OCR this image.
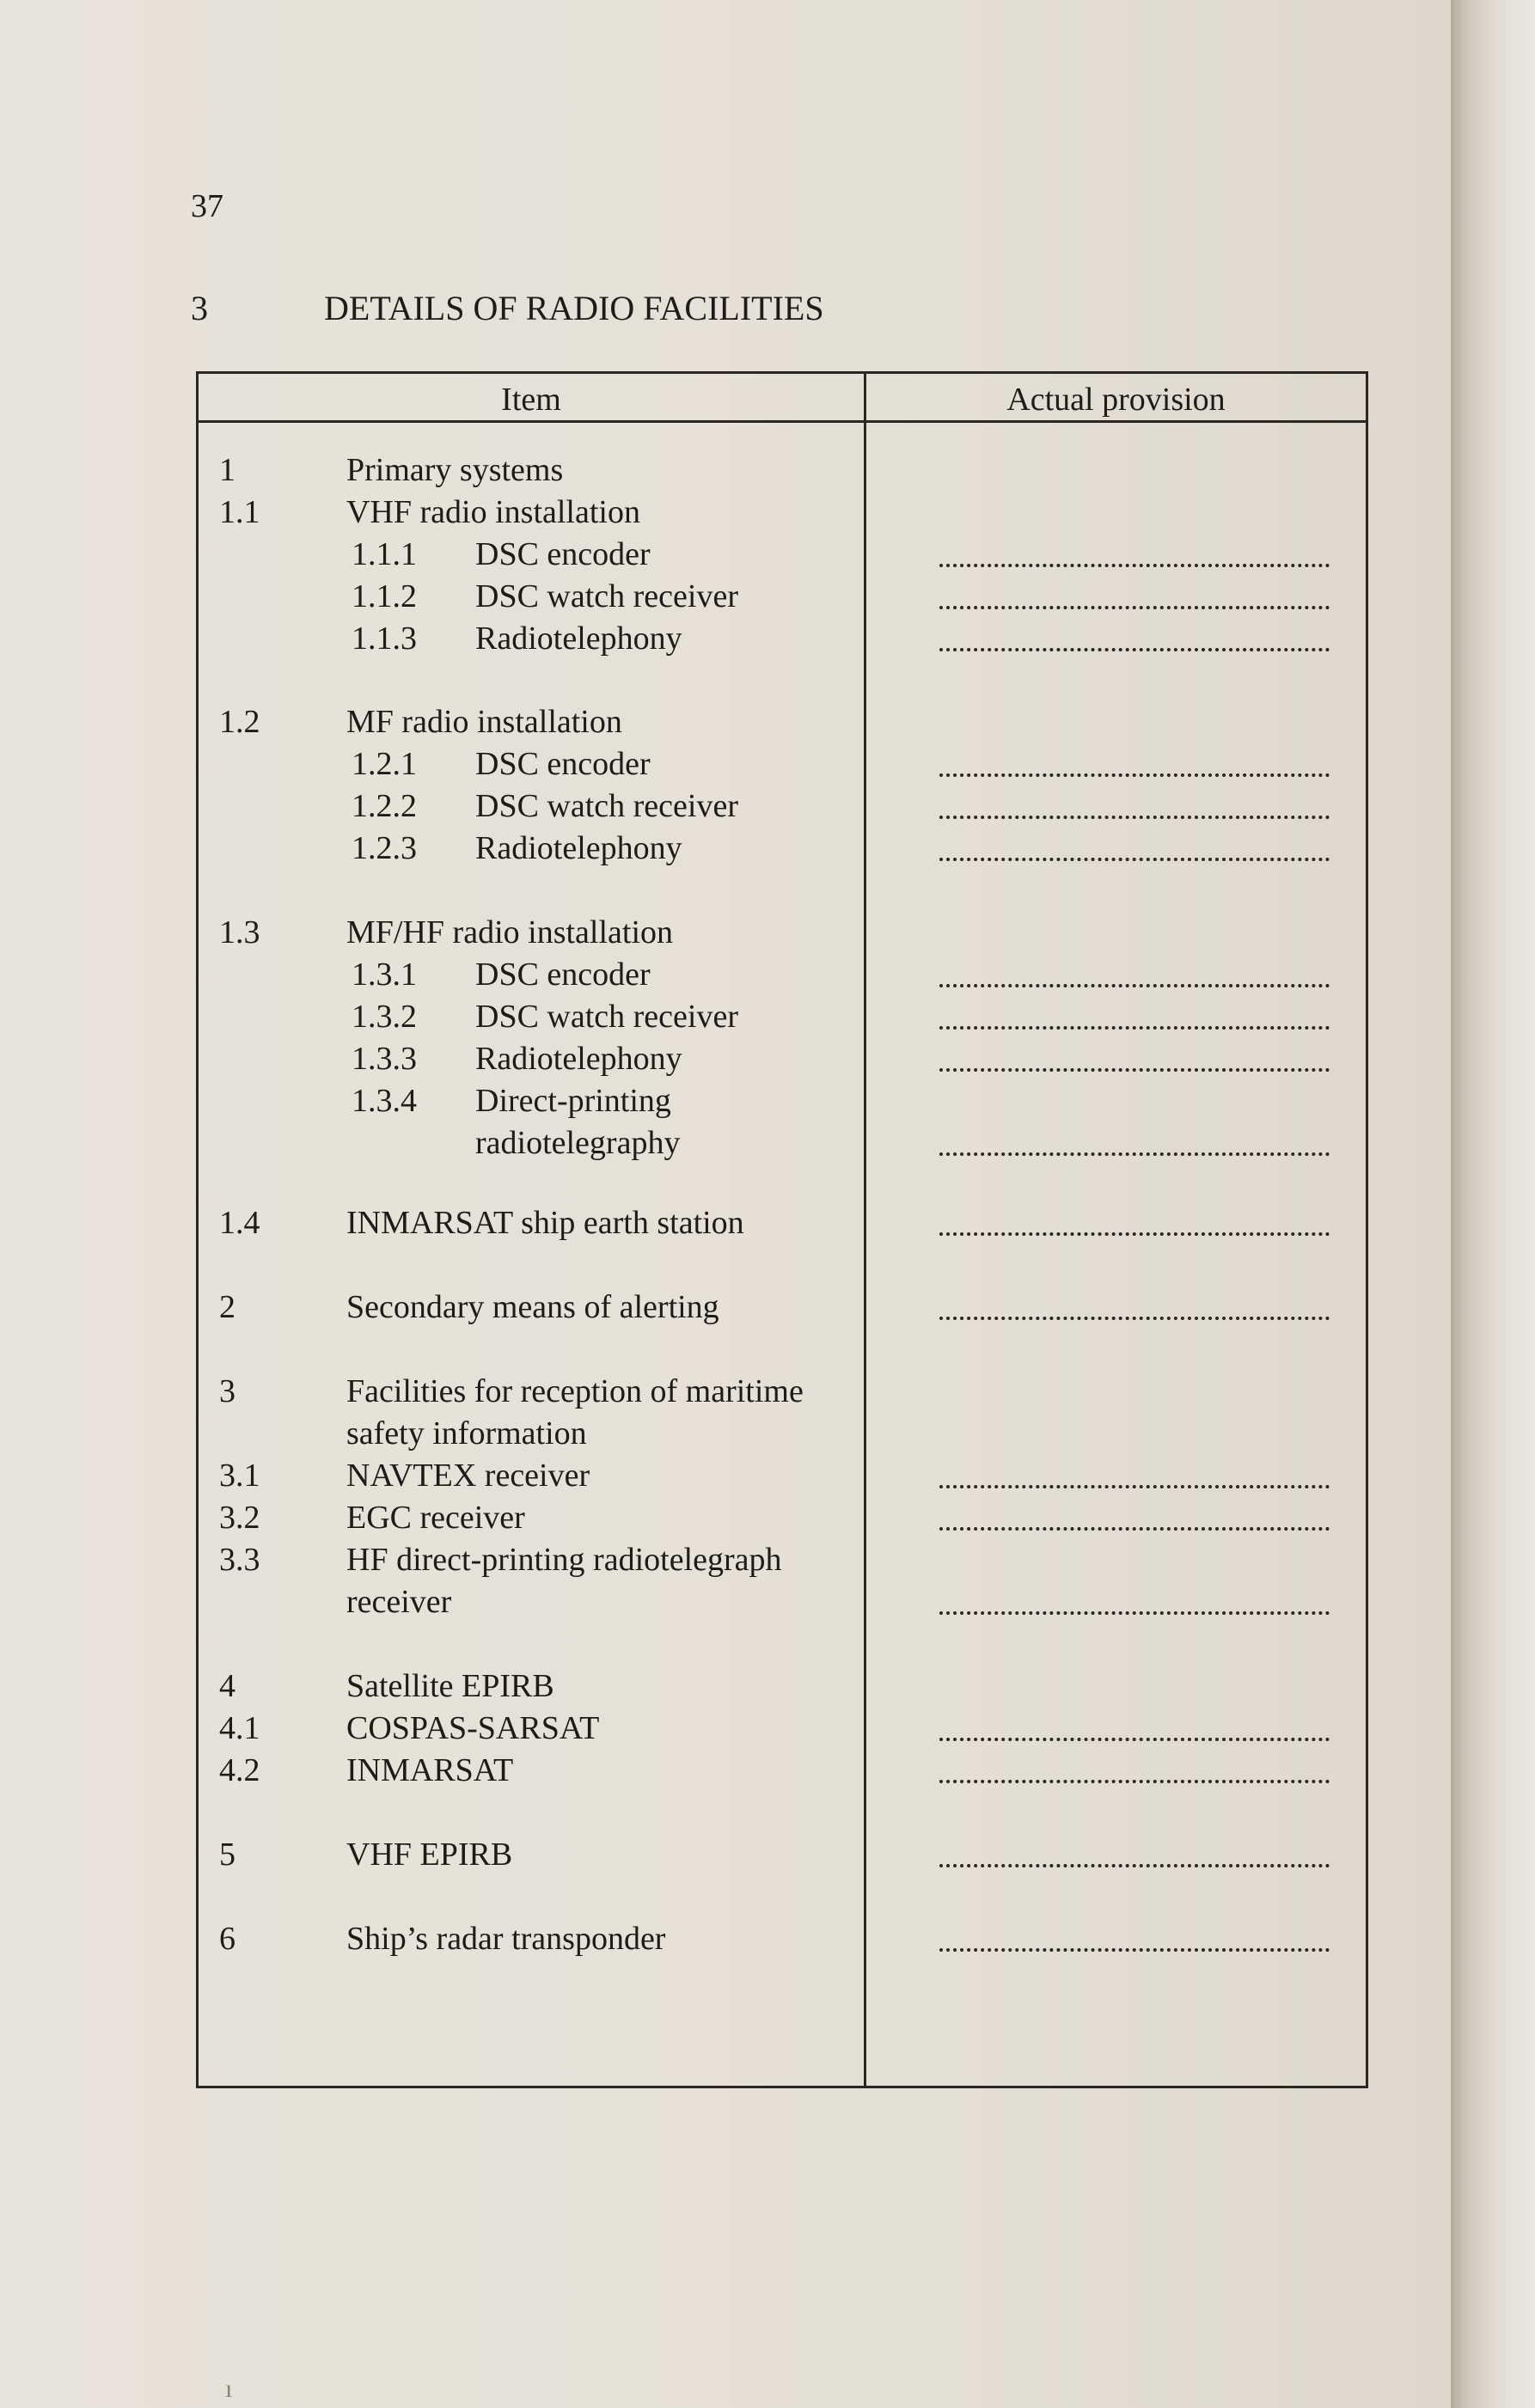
37
3	DETAILS OF RADIO FACILITIES
Item	Actual provision
1	Primary systems
1.1	VHF radio installation
1.1.1 DSC encoder
1.1.2 DSC watch receiver
1.1.3 Radiotelephony
1.2	MF radio installation
1.2.1 DSC encoder
1.2.2 DSC watch receiver
1.2.3 Radiotelephony
1.3	MF/HF radio installation
1.3.1 DSC encoder
1.3.2 DSC watch receiver
1.3.3 Radiotelephony
1.3.4 Direct-printing radiotelegraphy
1.4	INMARSAT ship earth station
2	Secondary means of alerting
3	Facilities for reception of maritime safety information
3.1	NAVTEX receiver
3.2	EGC receiver
3.3	HF direct-printing radiotelegraph receiver
4	Satellite EPIRB
4.1	COSPAS-SARSAT
4.2	INMARSAT
5	VHF EPIRB
6	Ship’s radar transponder
ı
